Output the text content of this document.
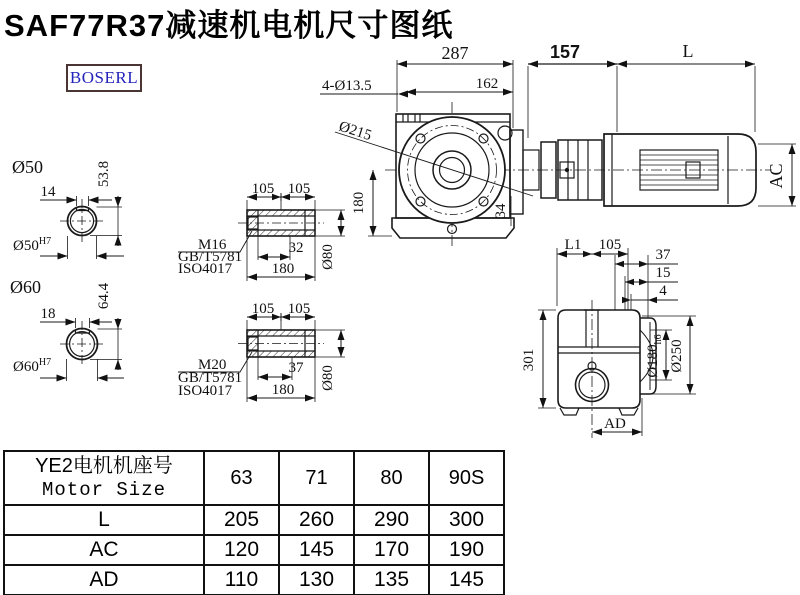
SAF77R37减速机电机尺寸图纸
BOSERL
Ø50
14
53.8
$Ø50^{H7}$
Ø60
18
64.4
$Ø60^{H7}$
105 105
32
180 Ø80
M16
GB/T5781
ISO4017
105 105
37
180 Ø80
M20
GB/T5781
ISO4017
287
162
4-Ø13.5
Ø215
157	L
AC
180	34
L1 105
37
15
4
301	$Ø180_{h6}$ Ø250
AD
YE2电机机座号
Motor Size	63	71	80	90S
L	205	260	290	300
AC	120	145	170	190
AD	110	130	135	145
